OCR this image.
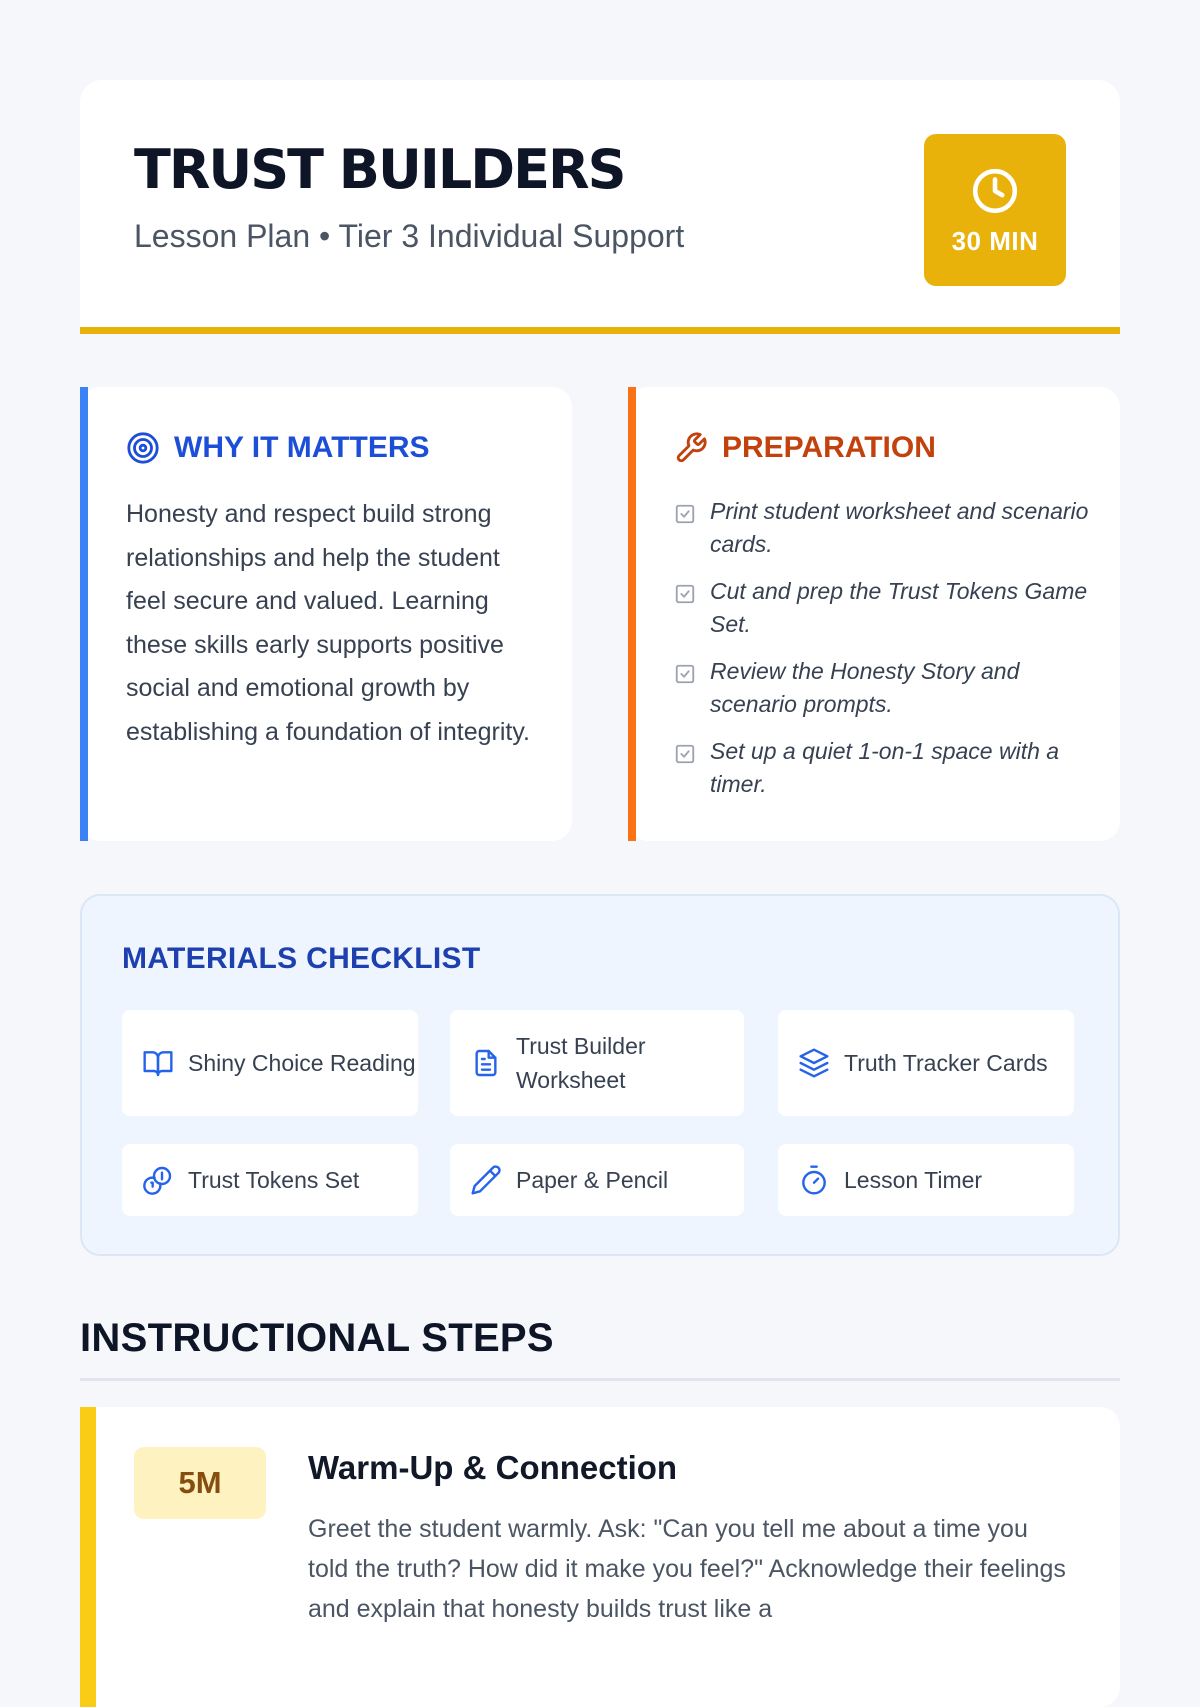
TRUST BUILDERS
Lesson Plan • Tier 3 Individual Support	30 MIN
WHY IT MATTERS
Honesty and respect build strong relationships and help the student feel secure and valued. Learning these skills early supports positive social and emotional growth by establishing a foundation of integrity.
PREPARATION
Print student worksheet and scenario cards.
Cut and prep the Trust Tokens Game Set.
Review the Honesty Story and scenario prompts.
Set up a quiet 1-on-1 space with a timer.
MATERIALS CHECKLIST
Shiny Choice Reading
Trust Builder Worksheet
Truth Tracker Cards
Trust Tokens Set	Paper & Pencil	Lesson Timer
INSTRUCTIONAL STEPS
5M	Warm-Up & Connection
Greet the student warmly. Ask: "Can you tell me about a time you told the truth? How did it make you feel?" Acknowledge their feelings and explain that honesty builds trust like a
